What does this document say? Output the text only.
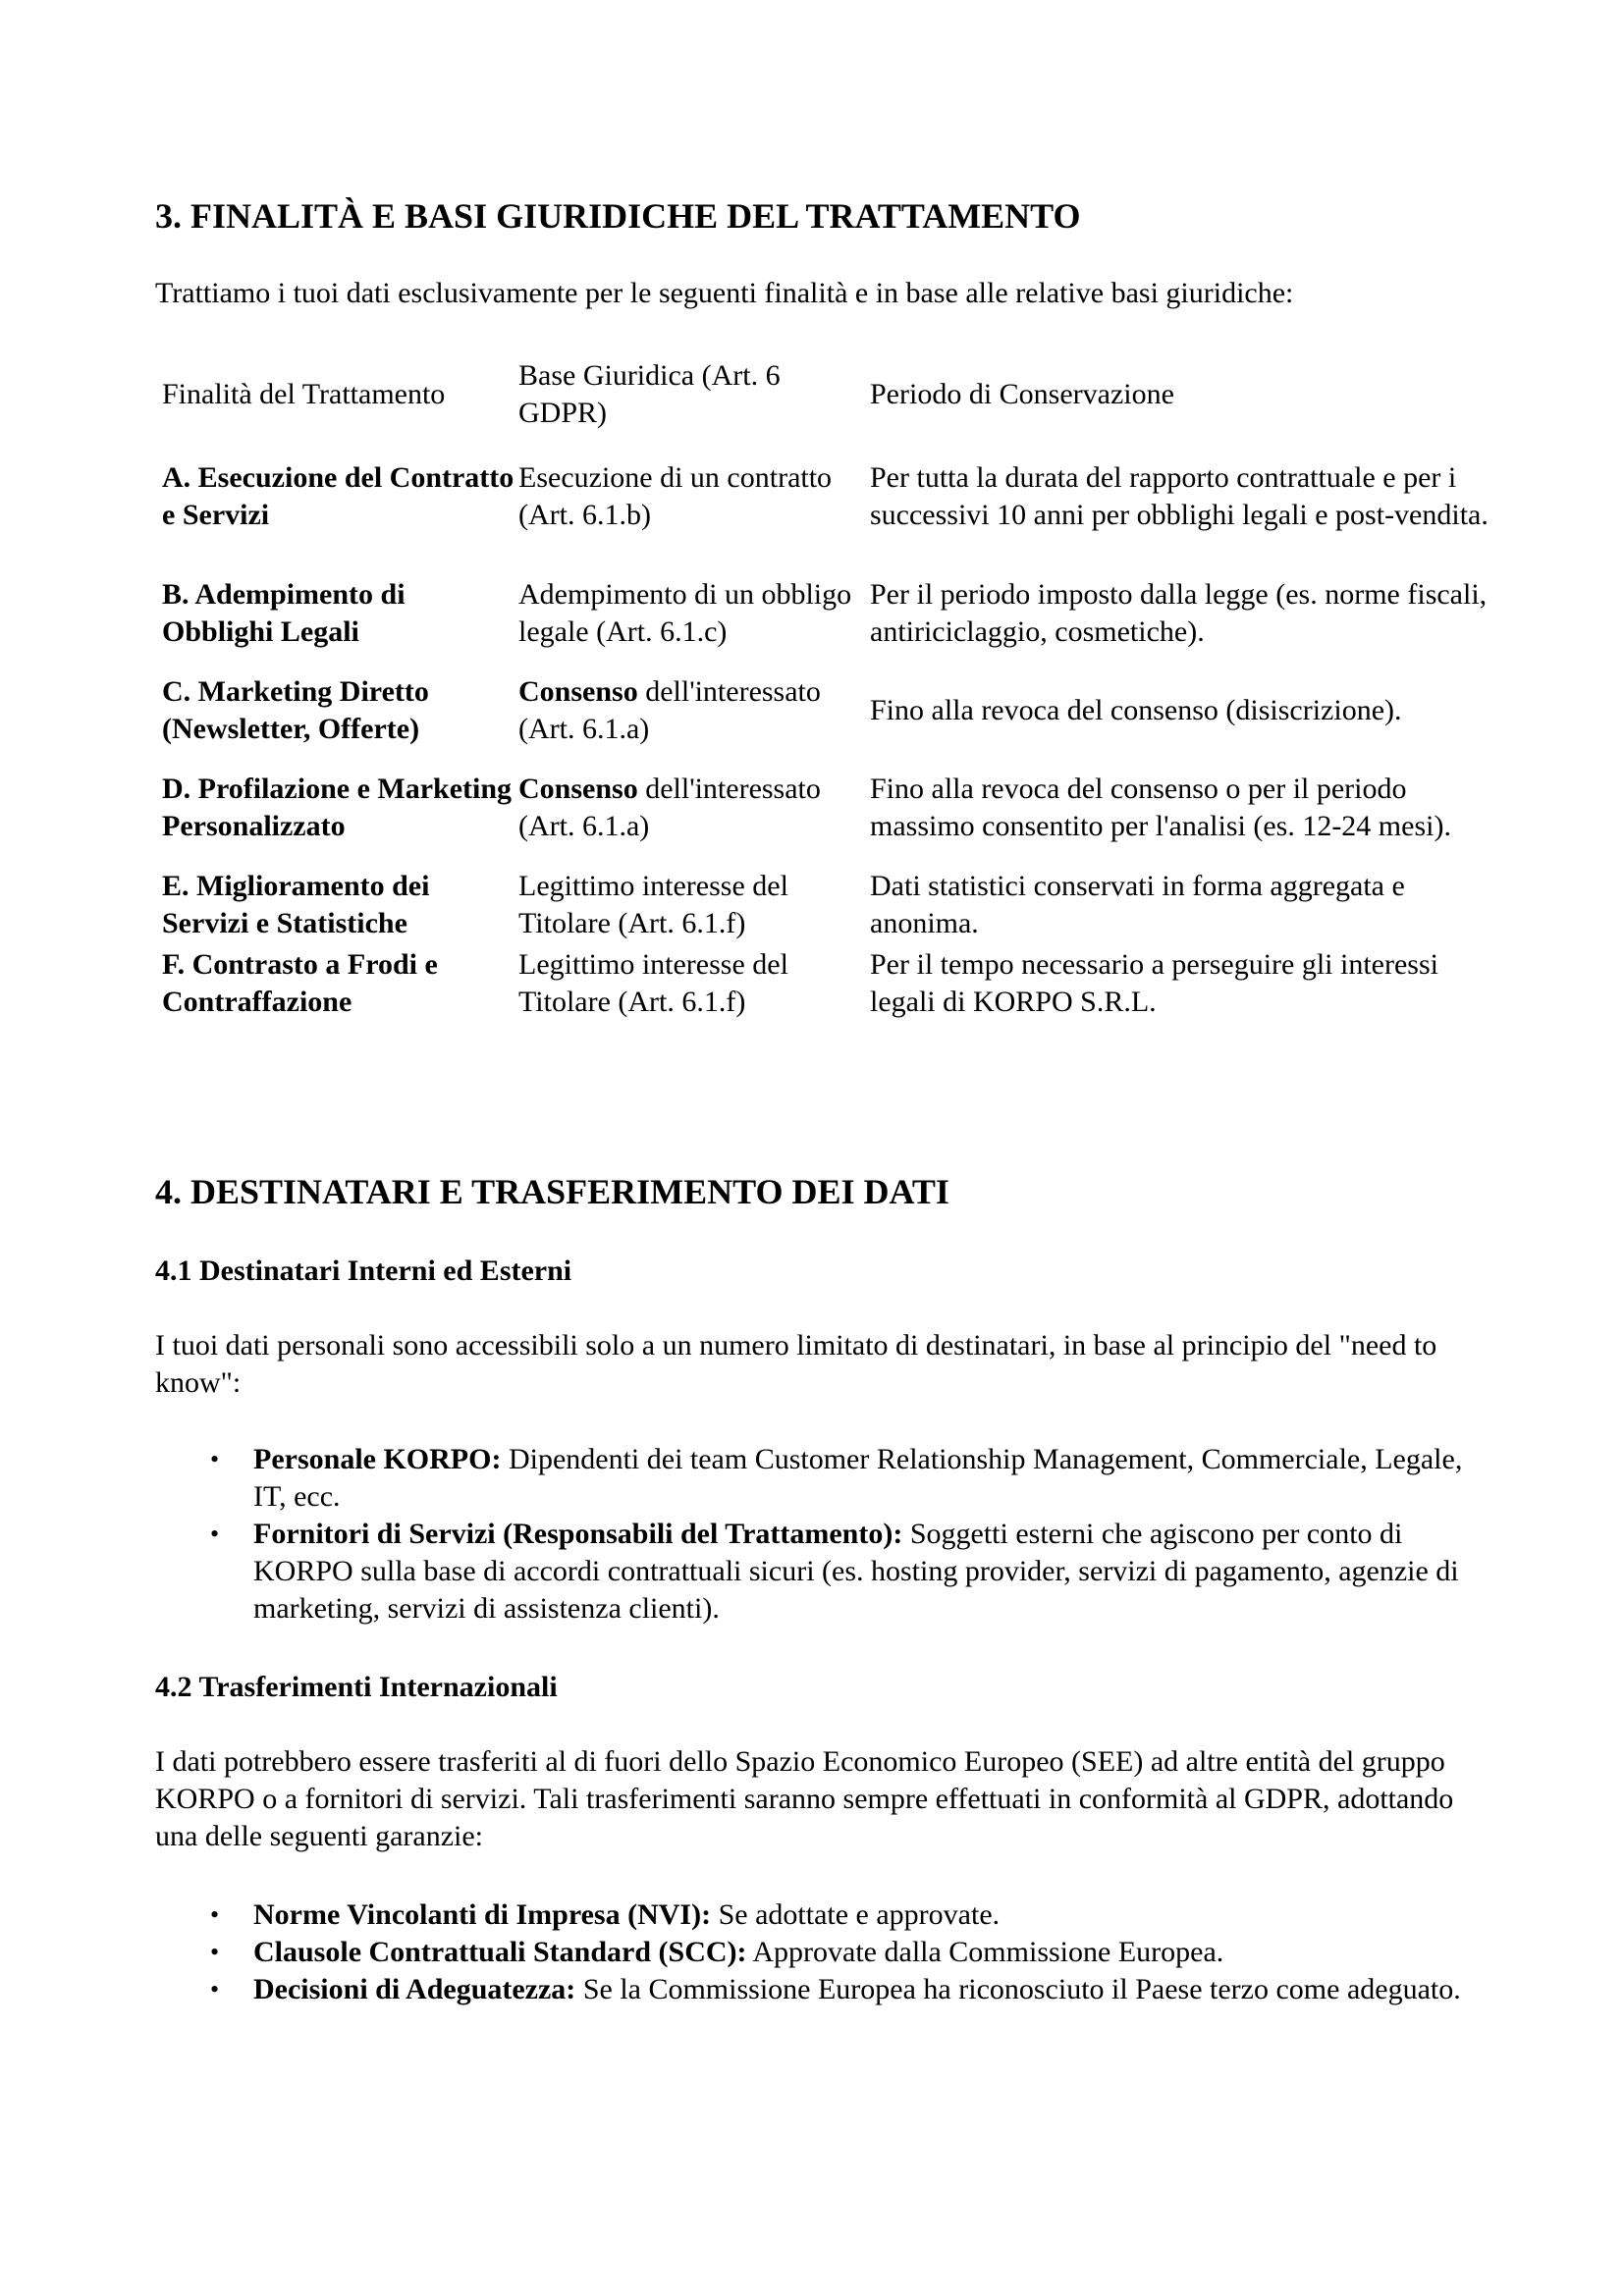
3. FINALITÀ E BASI GIURIDICHE DEL TRATTAMENTO

Trattiamo i tuoi dati esclusivamente per le seguenti finalità e in base alle relative basi giuridiche:

Finalità del Trattamento	Base Giuridica (Art. 6 GDPR)	Periodo di Conservazione
A. Esecuzione del Contratto e Servizi	Esecuzione di un contratto (Art. 6.1.b)	Per tutta la durata del rapporto contrattuale e per i successivi 10 anni per obblighi legali e post-vendita.
B. Adempimento di Obblighi Legali	Adempimento di un obbligo legale (Art. 6.1.c)	Per il periodo imposto dalla legge (es. norme fiscali, antiriciclaggio, cosmetiche).
C. Marketing Diretto (Newsletter, Offerte)	Consenso dell'interessato (Art. 6.1.a)	Fino alla revoca del consenso (disiscrizione).
D. Profilazione e Marketing Personalizzato	Consenso dell'interessato (Art. 6.1.a)	Fino alla revoca del consenso o per il periodo massimo consentito per l'analisi (es. 12-24 mesi).
E. Miglioramento dei Servizi e Statistiche	Legittimo interesse del Titolare (Art. 6.1.f)	Dati statistici conservati in forma aggregata e anonima.
F. Contrasto a Frodi e Contraffazione	Legittimo interesse del Titolare (Art. 6.1.f)	Per il tempo necessario a perseguire gli interessi legali di KORPO S.R.L.
4. DESTINATARI E TRASFERIMENTO DEI DATI
4.1 Destinatari Interni ed Esterni

I tuoi dati personali sono accessibili solo a un numero limitato di destinatari, in base al principio del "need to know":

• Personale KORPO: Dipendenti dei team Customer Relationship Management, Commerciale, Legale, IT, ecc.
• Fornitori di Servizi (Responsabili del Trattamento): Soggetti esterni che agiscono per conto di KORPO sulla base di accordi contrattuali sicuri (es. hosting provider, servizi di pagamento, agenzie di marketing, servizi di assistenza clienti).
4.2 Trasferimenti Internazionali

I dati potrebbero essere trasferiti al di fuori dello Spazio Economico Europeo (SEE) ad altre entità del gruppo KORPO o a fornitori di servizi. Tali trasferimenti saranno sempre effettuati in conformità al GDPR, adottando una delle seguenti garanzie:

• Norme Vincolanti di Impresa (NVI): Se adottate e approvate.
• Clausole Contrattuali Standard (SCC): Approvate dalla Commissione Europea.
• Decisioni di Adeguatezza: Se la Commissione Europea ha riconosciuto il Paese terzo come adeguato.
